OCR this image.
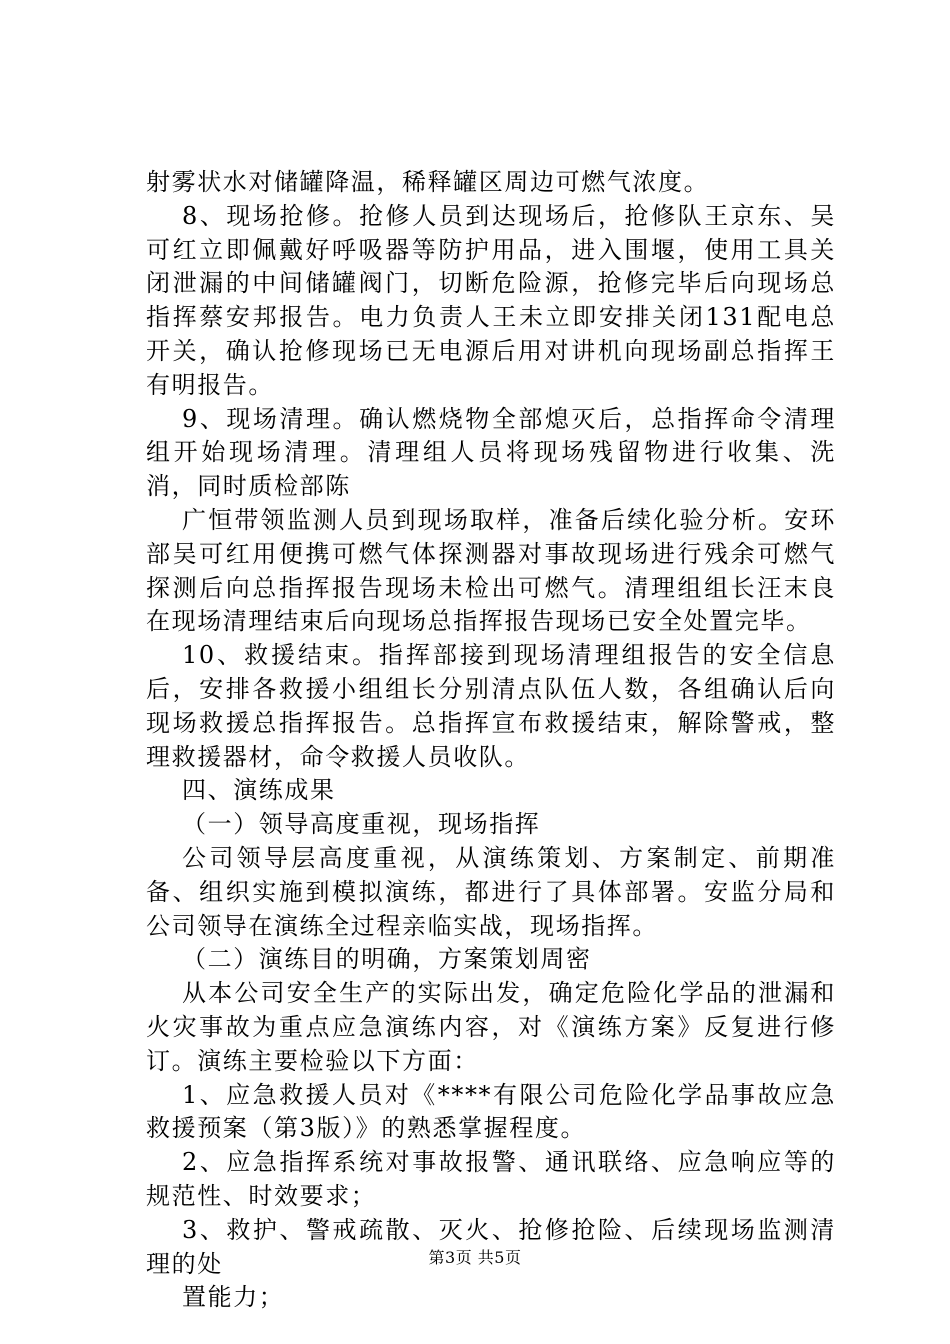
射雾状水对储罐降温，稀释罐区周边可燃气浓度。

8、现场抢修。抢修人员到达现场后，抢修队王京东、吴可红立即佩戴好呼吸器等防护用品，进入围堰，使用工具关闭泄漏的中间储罐阀门，切断危险源，抢修完毕后向现场总指挥蔡安邦报告。电力负责人王未立即安排关闭131配电总开关，确认抢修现场已无电源后用对讲机向现场副总指挥王有明报告。

9、现场清理。确认燃烧物全部熄灭后，总指挥命令清理组开始现场清理。清理组人员将现场残留物进行收集、洗消，同时质检部陈

广恒带领监测人员到现场取样，准备后续化验分析。安环部吴可红用便携可燃气体探测器对事故现场进行残余可燃气探测后向总指挥报告现场未检出可燃气。清理组组长汪末良在现场清理结束后向现场总指挥报告现场已安全处置完毕。

10、救援结束。指挥部接到现场清理组报告的安全信息后，安排各救援小组组长分别清点队伍人数，各组确认后向现场救援总指挥报告。总指挥宣布救援结束，解除警戒，整理救援器材，命令救援人员收队。

四、演练成果

（一）领导高度重视，现场指挥

公司领导层高度重视，从演练策划、方案制定、前期准备、组织实施到模拟演练，都进行了具体部署。安监分局和公司领导在演练全过程亲临实战，现场指挥。

（二）演练目的明确，方案策划周密

从本公司安全生产的实际出发，确定危险化学品的泄漏和火灾事故为重点应急演练内容，对《演练方案》反复进行修订。演练主要检验以下方面：

1、应急救援人员对《****有限公司危险化学品事故应急救援预案（第3版）》的熟悉掌握程度。

2、应急指挥系统对事故报警、通讯联络、应急响应等的规范性、时效要求；

3、救护、警戒疏散、灭火、抢修抢险、后续现场监测清理的处

置能力；

第3页 共5页
